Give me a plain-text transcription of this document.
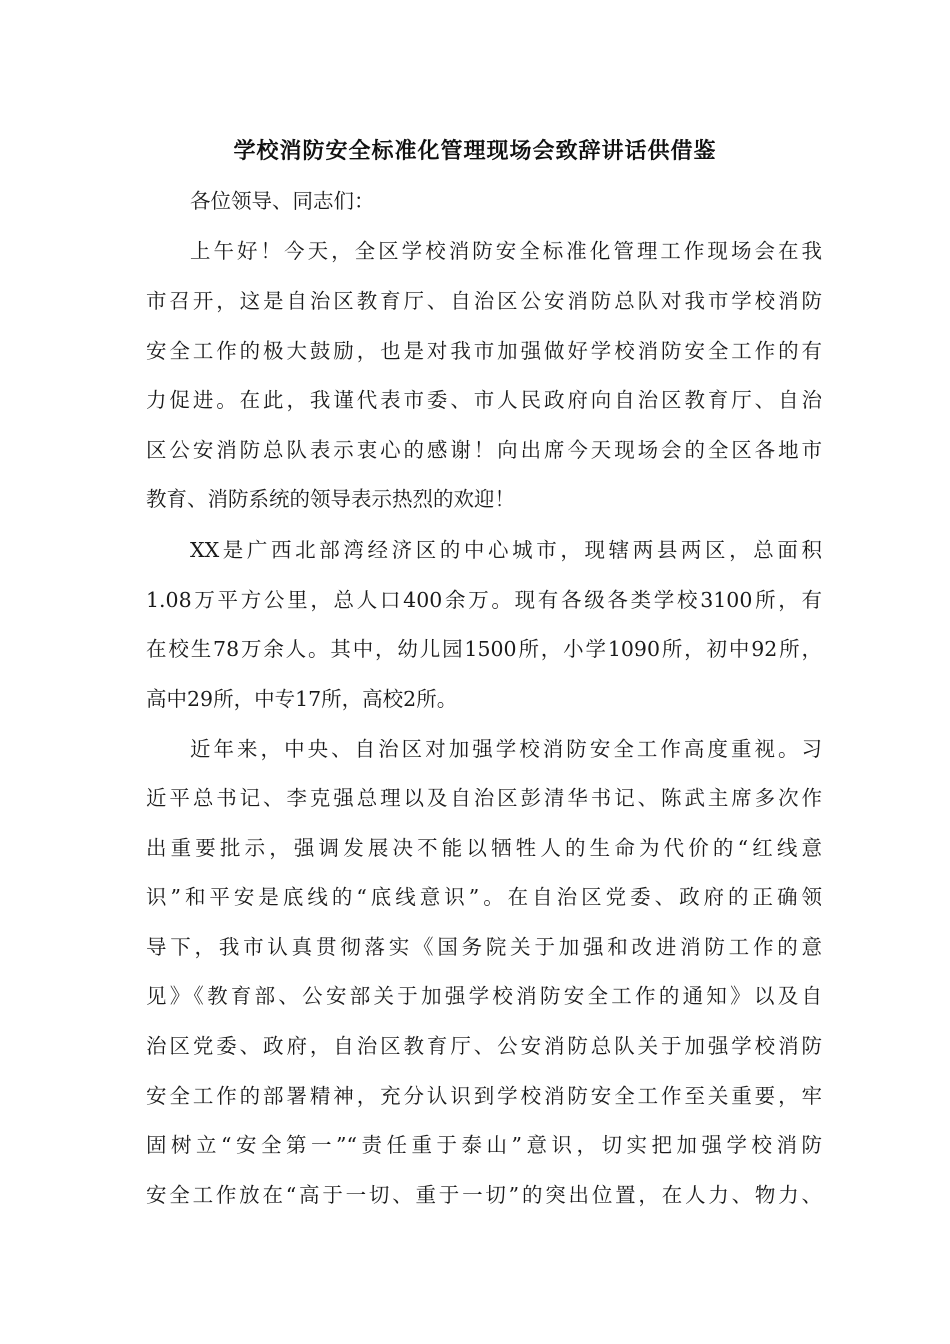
学校消防安全标准化管理现场会致辞讲话供借鉴
各位领导、同志们：
上午好！今天，全区学校消防安全标准化管理工作现场会在我
市召开，这是自治区教育厅、自治区公安消防总队对我市学校消防
安全工作的极大鼓励，也是对我市加强做好学校消防安全工作的有
力促进。在此，我谨代表市委、市人民政府向自治区教育厅、自治
区公安消防总队表示衷心的感谢！向出席今天现场会的全区各地市
教育、消防系统的领导表示热烈的欢迎！
XX是广西北部湾经济区的中心城市，现辖两县两区，总面积
1.08万平方公里，总人口400余万。现有各级各类学校3100所，有
在校生78万余人。其中，幼儿园1500所，小学1090所，初中92所，
高中29所，中专17所，高校2所。
近年来，中央、自治区对加强学校消防安全工作高度重视。习
近平总书记、李克强总理以及自治区彭清华书记、陈武主席多次作
出重要批示，强调发展决不能以牺牲人的生命为代价的“红线意
识”和平安是底线的“底线意识”。在自治区党委、政府的正确领
导下，我市认真贯彻落实《国务院关于加强和改进消防工作的意
见》《教育部、公安部关于加强学校消防安全工作的通知》以及自
治区党委、政府，自治区教育厅、公安消防总队关于加强学校消防
安全工作的部署精神，充分认识到学校消防安全工作至关重要，牢
固树立“安全第一”“责任重于泰山”意识，切实把加强学校消防
安全工作放在“高于一切、重于一切”的突出位置，在人力、物力、
